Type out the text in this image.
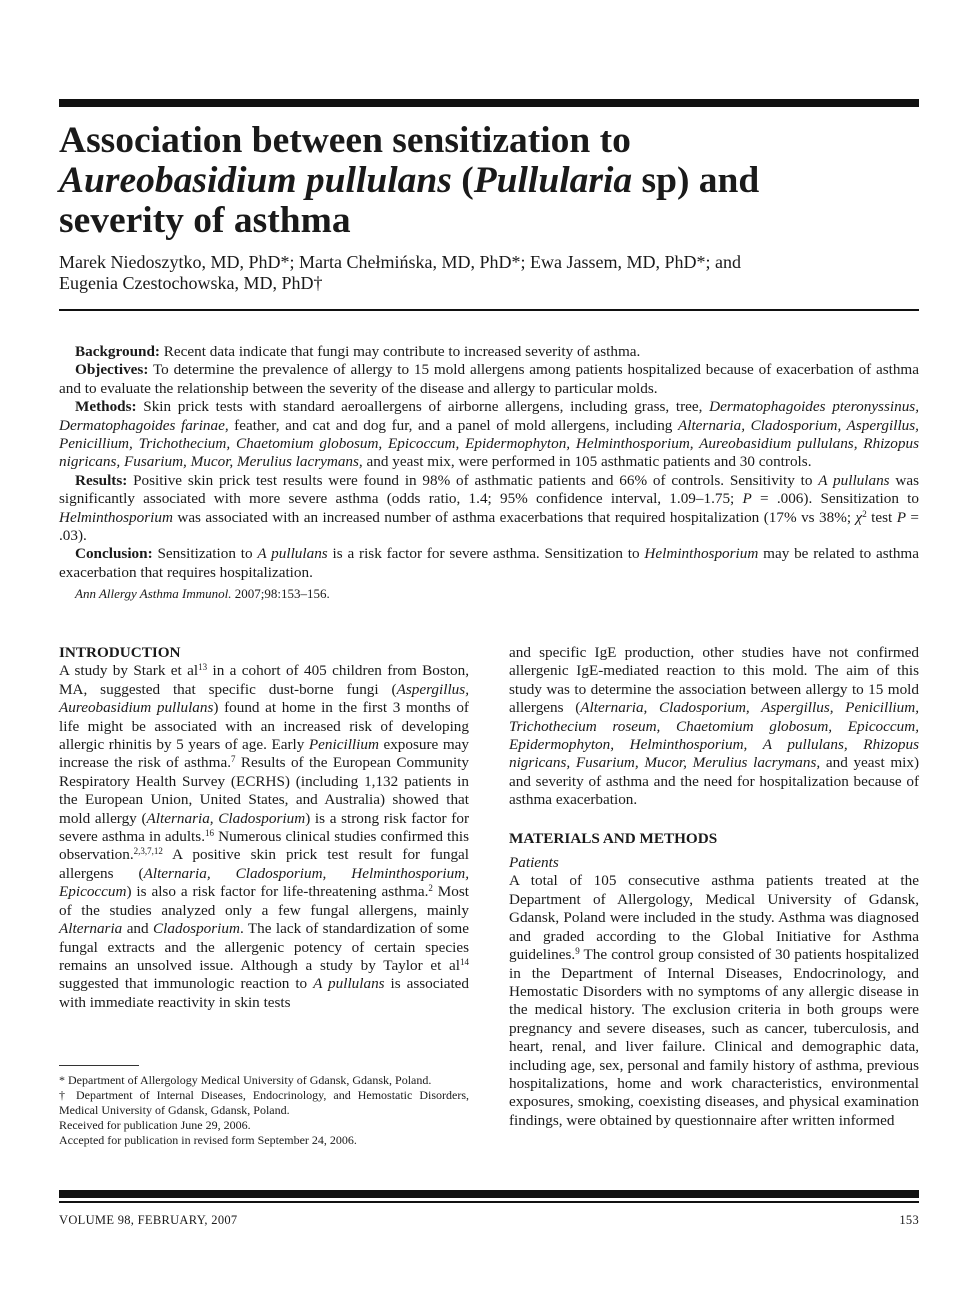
Association between sensitization to
Aureobasidium pullulans (Pullularia sp) and
severity of asthma

Marek Niedoszytko, MD, PhD*; Marta Chełmińska, MD, PhD*; Ewa Jassem, MD, PhD*; and
Eugenia Czestochowska, MD, PhD†

Background: Recent data indicate that fungi may contribute to increased severity of asthma.

Objectives: To determine the prevalence of allergy to 15 mold allergens among patients hospitalized because of exacerbation of asthma and to evaluate the relationship between the severity of the disease and allergy to particular molds.

Methods: Skin prick tests with standard aeroallergens of airborne allergens, including grass, tree, Dermatophagoides pteronyssinus, Dermatophagoides farinae, feather, and cat and dog fur, and a panel of mold allergens, including Alternaria, Cladosporium, Aspergillus, Penicillium, Trichothecium, Chaetomium globosum, Epicoccum, Epidermophyton, Helminthosporium, Aureobasidium pullulans, Rhizopus nigricans, Fusarium, Mucor, Merulius lacrymans, and yeast mix, were performed in 105 asthmatic patients and 30 controls.

Results: Positive skin prick test results were found in 98% of asthmatic patients and 66% of controls. Sensitivity to A pullulans was significantly associated with more severe asthma (odds ratio, 1.4; 95% confidence interval, 1.09–1.75; P = .006). Sensitization to Helminthosporium was associated with an increased number of asthma exacerbations that required hospitalization (17% vs 38%; $\chi^2$ test P = .03).

Conclusion: Sensitization to A pullulans is a risk factor for severe asthma. Sensitization to Helminthosporium may be related to asthma exacerbation that requires hospitalization.

Ann Allergy Asthma Immunol. 2007;98:153–156.

INTRODUCTION

A study by Stark et $al^{13}$ in a cohort of 405 children from Boston, MA, suggested that specific dust-borne fungi (Aspergillus, Aureobasidium pullulans) found at home in the first 3 months of life might be associated with an increased risk of developing allergic rhinitis by 5 years of age. Early Penicillium exposure may increase the risk of asthma.$^7$ Results of the European Community Respiratory Health Survey (ECRHS) (including 1,132 patients in the European Union, United States, and Australia) showed that mold allergy (Alternaria, Cladosporium) is a strong risk factor for severe asthma in adults.$^{16}$ Numerous clinical studies confirmed this observation.$^{2,3,7,12}$ A positive skin prick test result for fungal allergens (Alternaria, Cladosporium, Helminthosporium, Epicoccum) is also a risk factor for life-threatening asthma.$^2$ Most of the studies analyzed only a few fungal allergens, mainly Alternaria and Cladosporium. The lack of standardization of some fungal extracts and the allergenic potency of certain species remains an unsolved issue. Although a study by Taylor et $al^{14}$ suggested that immunologic reaction to A pullulans is associated with immediate reactivity in skin tests

* Department of Allergology Medical University of Gdansk, Gdansk, Poland.

† Department of Internal Diseases, Endocrinology, and Hemostatic Disorders, Medical University of Gdansk, Gdansk, Poland.

Received for publication June 29, 2006.

Accepted for publication in revised form September 24, 2006.

and specific IgE production, other studies have not confirmed allergenic IgE-mediated reaction to this mold. The aim of this study was to determine the association between allergy to 15 mold allergens (Alternaria, Cladosporium, Aspergillus, Penicillium, Trichothecium roseum, Chaetomium globosum, Epicoccum, Epidermophyton, Helminthosporium, A pullulans, Rhizopus nigricans, Fusarium, Mucor, Merulius lacrymans, and yeast mix) and severity of asthma and the need for hospitalization because of asthma exacerbation.

MATERIALS AND METHODS

Patients

A total of 105 consecutive asthma patients treated at the Department of Allergology, Medical University of Gdansk, Gdansk, Poland were included in the study. Asthma was diagnosed and graded according to the Global Initiative for Asthma guidelines.$^9$ The control group consisted of 30 patients hospitalized in the Department of Internal Diseases, Endocrinology, and Hemostatic Disorders with no symptoms of any allergic disease in the medical history. The exclusion criteria in both groups were pregnancy and severe diseases, such as cancer, tuberculosis, and heart, renal, and liver failure. Clinical and demographic data, including age, sex, personal and family history of asthma, previous hospitalizations, home and work characteristics, environmental exposures, smoking, coexisting diseases, and physical examination findings, were obtained by questionnaire after written informed

VOLUME 98, FEBRUARY, 2007	153
